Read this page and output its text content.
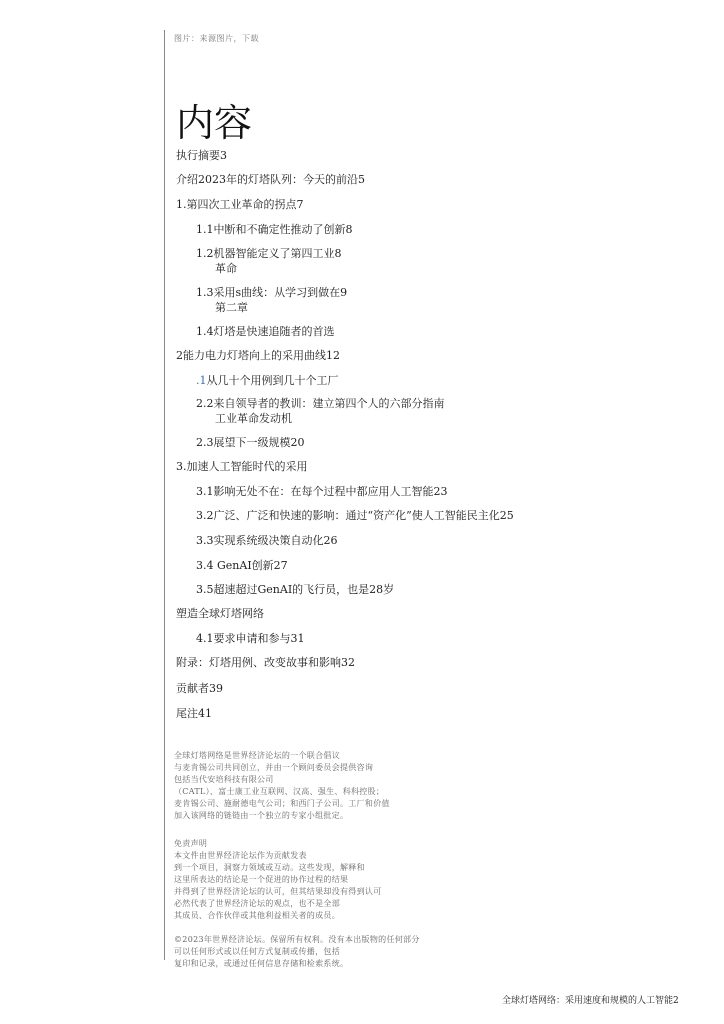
图片：来源图片，下载
内容
执行摘要3
介绍2023年的灯塔队列：今天的前沿5
1.第四次工业革命的拐点7
1.1中断和不确定性推动了创新8
1.2机器智能定义了第四工业8
革命
1.3采用s曲线：从学习到做在9
第二章
1.4灯塔是快速追随者的首选
2能力电力灯塔向上的采用曲线12
.1从几十个用例到几十个工厂
2.2来自领导者的教训：建立第四个人的六部分指南
工业革命发动机
2.3展望下一级规模20
3.加速人工智能时代的采用
3.1影响无处不在：在每个过程中都应用人工智能23
3.2广泛、广泛和快速的影响：通过“资产化”使人工智能民主化25
3.3实现系统级决策自动化26
3.4 GenAI创新27
3.5超速超过GenAI的飞行员，也是28岁
塑造全球灯塔网络
4.1要求申请和参与31
附录：灯塔用例、改变故事和影响32
贡献者39
尾注41
全球灯塔网络是世界经济论坛的一个联合倡议
与麦肯锡公司共同创立，并由一个顾问委员会提供咨询
包括当代安培科技有限公司
（CATL）、富士康工业互联网、汉高、强生、科科控股；
麦肯锡公司、施耐德电气公司；和西门子公司。工厂和价值
加入该网络的链链由一个独立的专家小组批定。
免责声明
本文件由世界经济论坛作为贡献发表
到一个项目，洞察力领域或互动。这些发现，解释和
这里所表达的结论是一个促进的协作过程的结果
并得到了世界经济论坛的认可，但其结果却没有得到认可
必然代表了世界经济论坛的观点，也不是全部
其成员、合作伙伴或其他利益相关者的成员。
©2023年世界经济论坛。保留所有权利。没有本出版物的任何部分
可以任何形式或以任何方式复制或传播，包括
复印和记录，或通过任何信息存储和检索系统。
全球灯塔网络：采用速度和规模的人工智能2
